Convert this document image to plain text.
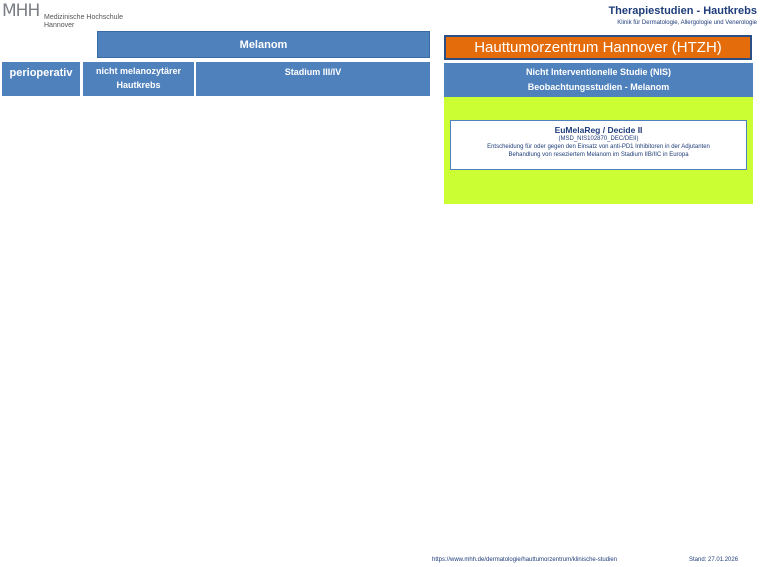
MHH Medizinische Hochschule
Hannover
Therapiestudien - Hautkrebs
Klinik für Dermatologie, Allergologie und Venerologie
Melanom
perioperativ	nicht melanozytärer
Hautkrebs
Stadium III/IV
Hauttumorzentrum Hannover (HTZH)
Nicht Interventionelle Studie (NIS)
Beobachtungsstudien - Melanom
EuMelaReg / Decide II
(MSD_NIS102870_DEC/DEII)
Entscheidung für oder gegen den Einsatz von anti-PD1 Inhibitoren in der Adjutanten
Behandlung von reseziertem Melanom im Stadium IIB/IIC in Europa
https://www.mhh.de/dermatologie/hauttumorzentrum/klinische-studien	Stand: 27.01.2026
